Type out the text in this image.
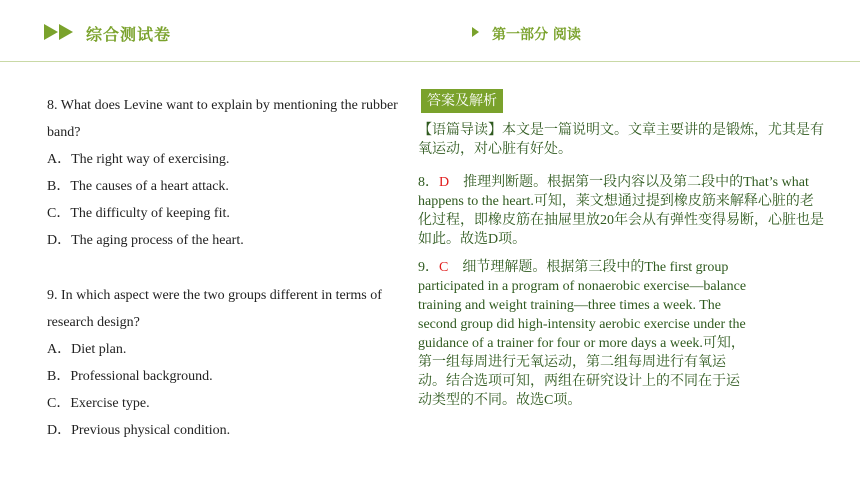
综合测试卷	第一部分 阅读

8. What does Levine want to explain by mentioning the rubber band?

A．The right way of exercising.

B．The causes of a heart attack.

C．The difficulty of keeping fit.

D．The aging process of the heart.

9. In which aspect were the two groups different in terms of research design?

A．Diet plan.

B．Professional background.

C．Exercise type.

D．Previous physical condition.

答案及解析

【语篇导读】本文是一篇说明文。文章主要讲的是锻炼，尤其是有氧运动，对心脏有好处。

8．D　推理判断题。根据第一段内容以及第二段中的That’s what happens to the heart.可知，莱文想通过提到橡皮筋来解释心脏的老化过程，即橡皮筋在抽屉里放20年会从有弹性变得易断，心脏也是如此。故选D项。

9．C　细节理解题。根据第三段中的The first group participated in a program of nonaerobic exercise—balance training and weight training—three times a week. The second group did high-intensity aerobic exercise under the guidance of a trainer for four or more days a week.可知，第一组每周进行无氧运动，第二组每周进行有氧运动。结合选项可知，两组在研究设计上的不同在于运动类型的不同。故选C项。
